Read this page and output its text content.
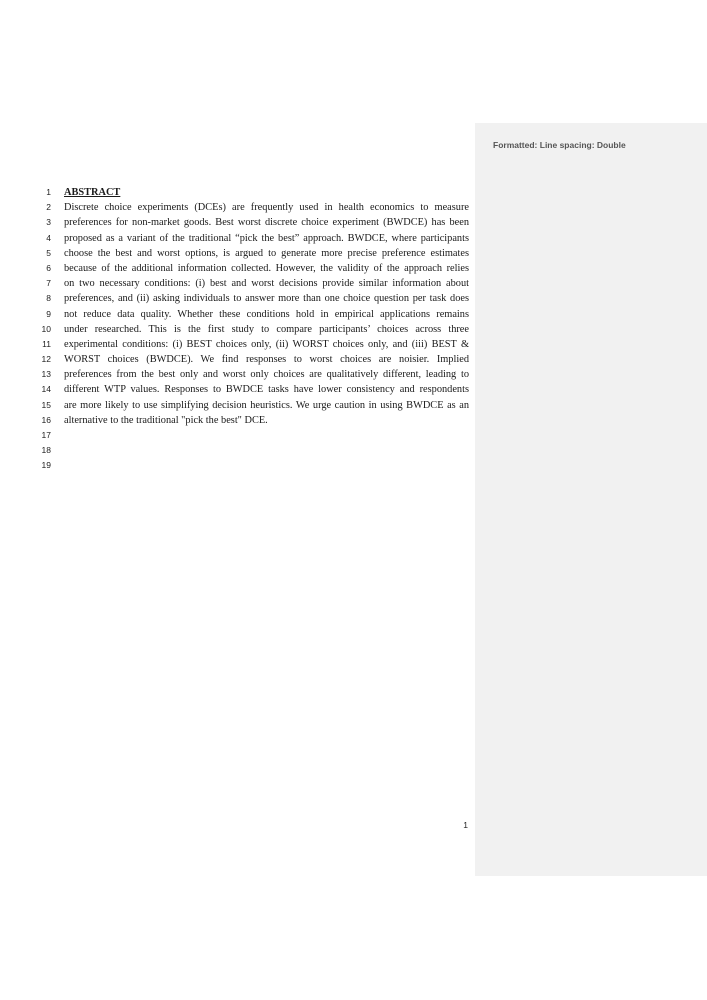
Formatted: Line spacing: Double
1 ABSTRACT
2 Discrete choice experiments (DCEs) are frequently used in health economics to measure
3 preferences for non-market goods. Best worst discrete choice experiment (BWDCE) has been
4 proposed as a variant of the traditional “pick the best” approach. BWDCE, where participants
5 choose the best and worst options, is argued to generate more precise preference estimates
6 because of the additional information collected. However, the validity of the approach relies
7 on two necessary conditions: (i) best and worst decisions provide similar information about
8 preferences, and (ii) asking individuals to answer more than one choice question per task does
9 not reduce data quality. Whether these conditions hold in empirical applications remains
10 under researched. This is the first study to compare participants’ choices across three
11 experimental conditions: (i) BEST choices only, (ii) WORST choices only, and (iii) BEST &
12 WORST choices (BWDCE). We find responses to worst choices are noisier. Implied
13 preferences from the best only and worst only choices are qualitatively different, leading to
14 different WTP values. Responses to BWDCE tasks have lower consistency and respondents
15 are more likely to use simplifying decision heuristics. We urge caution in using BWDCE as an
16 alternative to the traditional "pick the best" DCE.
17
18
19
1
